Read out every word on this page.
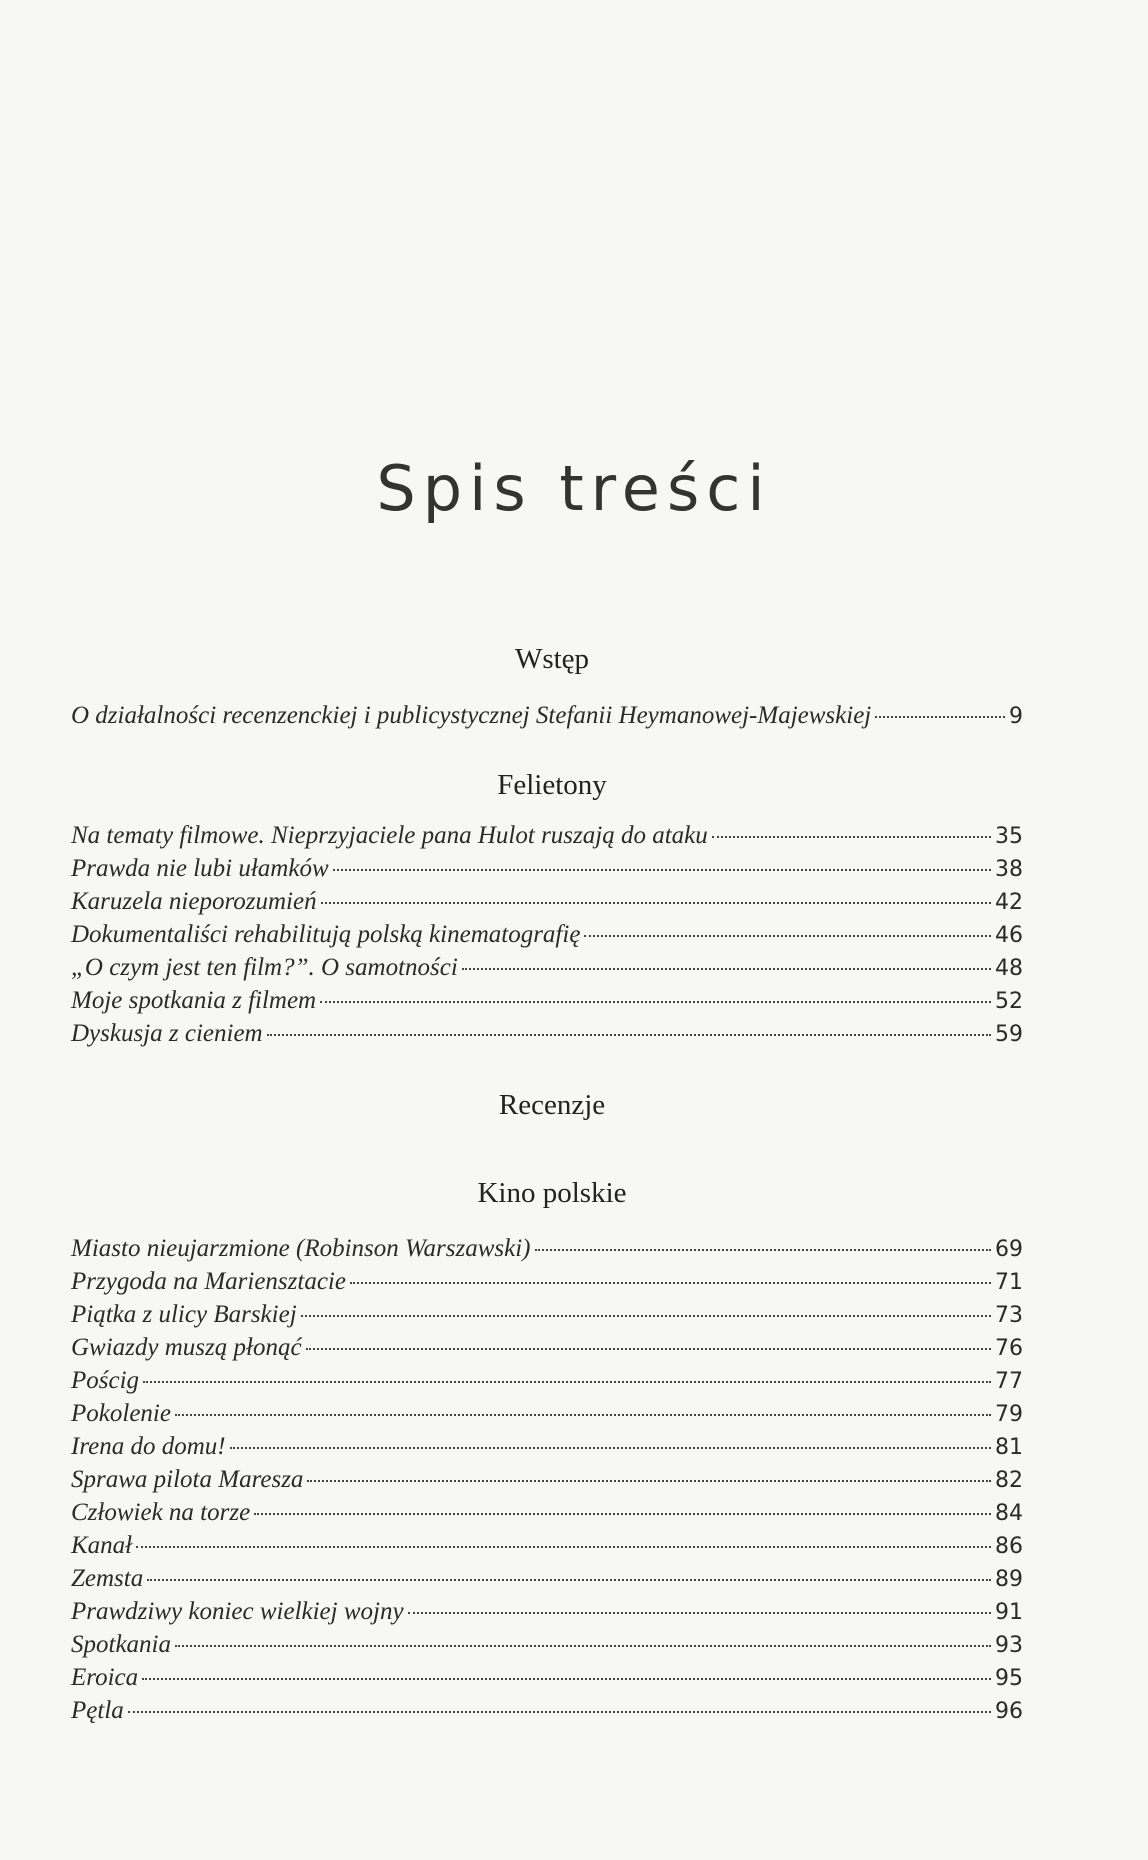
Spis treści
Wstęp
O działalności recenzenckiej i publicystycznej Stefanii Heymanowej-Majewskiej	9
Felietony
Na tematy filmowe. Nieprzyjaciele pana Hulot ruszają do ataku	35
Prawda nie lubi ułamków	38
Karuzela nieporozumień	42
Dokumentaliści rehabilitują polską kinematografię	46
„O czym jest ten film?”. O samotności	48
Moje spotkania z filmem	52
Dyskusja z cieniem	59
Recenzje
Kino polskie
Miasto nieujarzmione (Robinson Warszawski)	69
Przygoda na Mariensztacie	71
Piątka z ulicy Barskiej	73
Gwiazdy muszą płonąć	76
Pościg	77
Pokolenie	79
Irena do domu!	81
Sprawa pilota Maresza	82
Człowiek na torze	84
Kanał	86
Zemsta	89
Prawdziwy koniec wielkiej wojny	91
Spotkania	93
Eroica	95
Pętla	96
